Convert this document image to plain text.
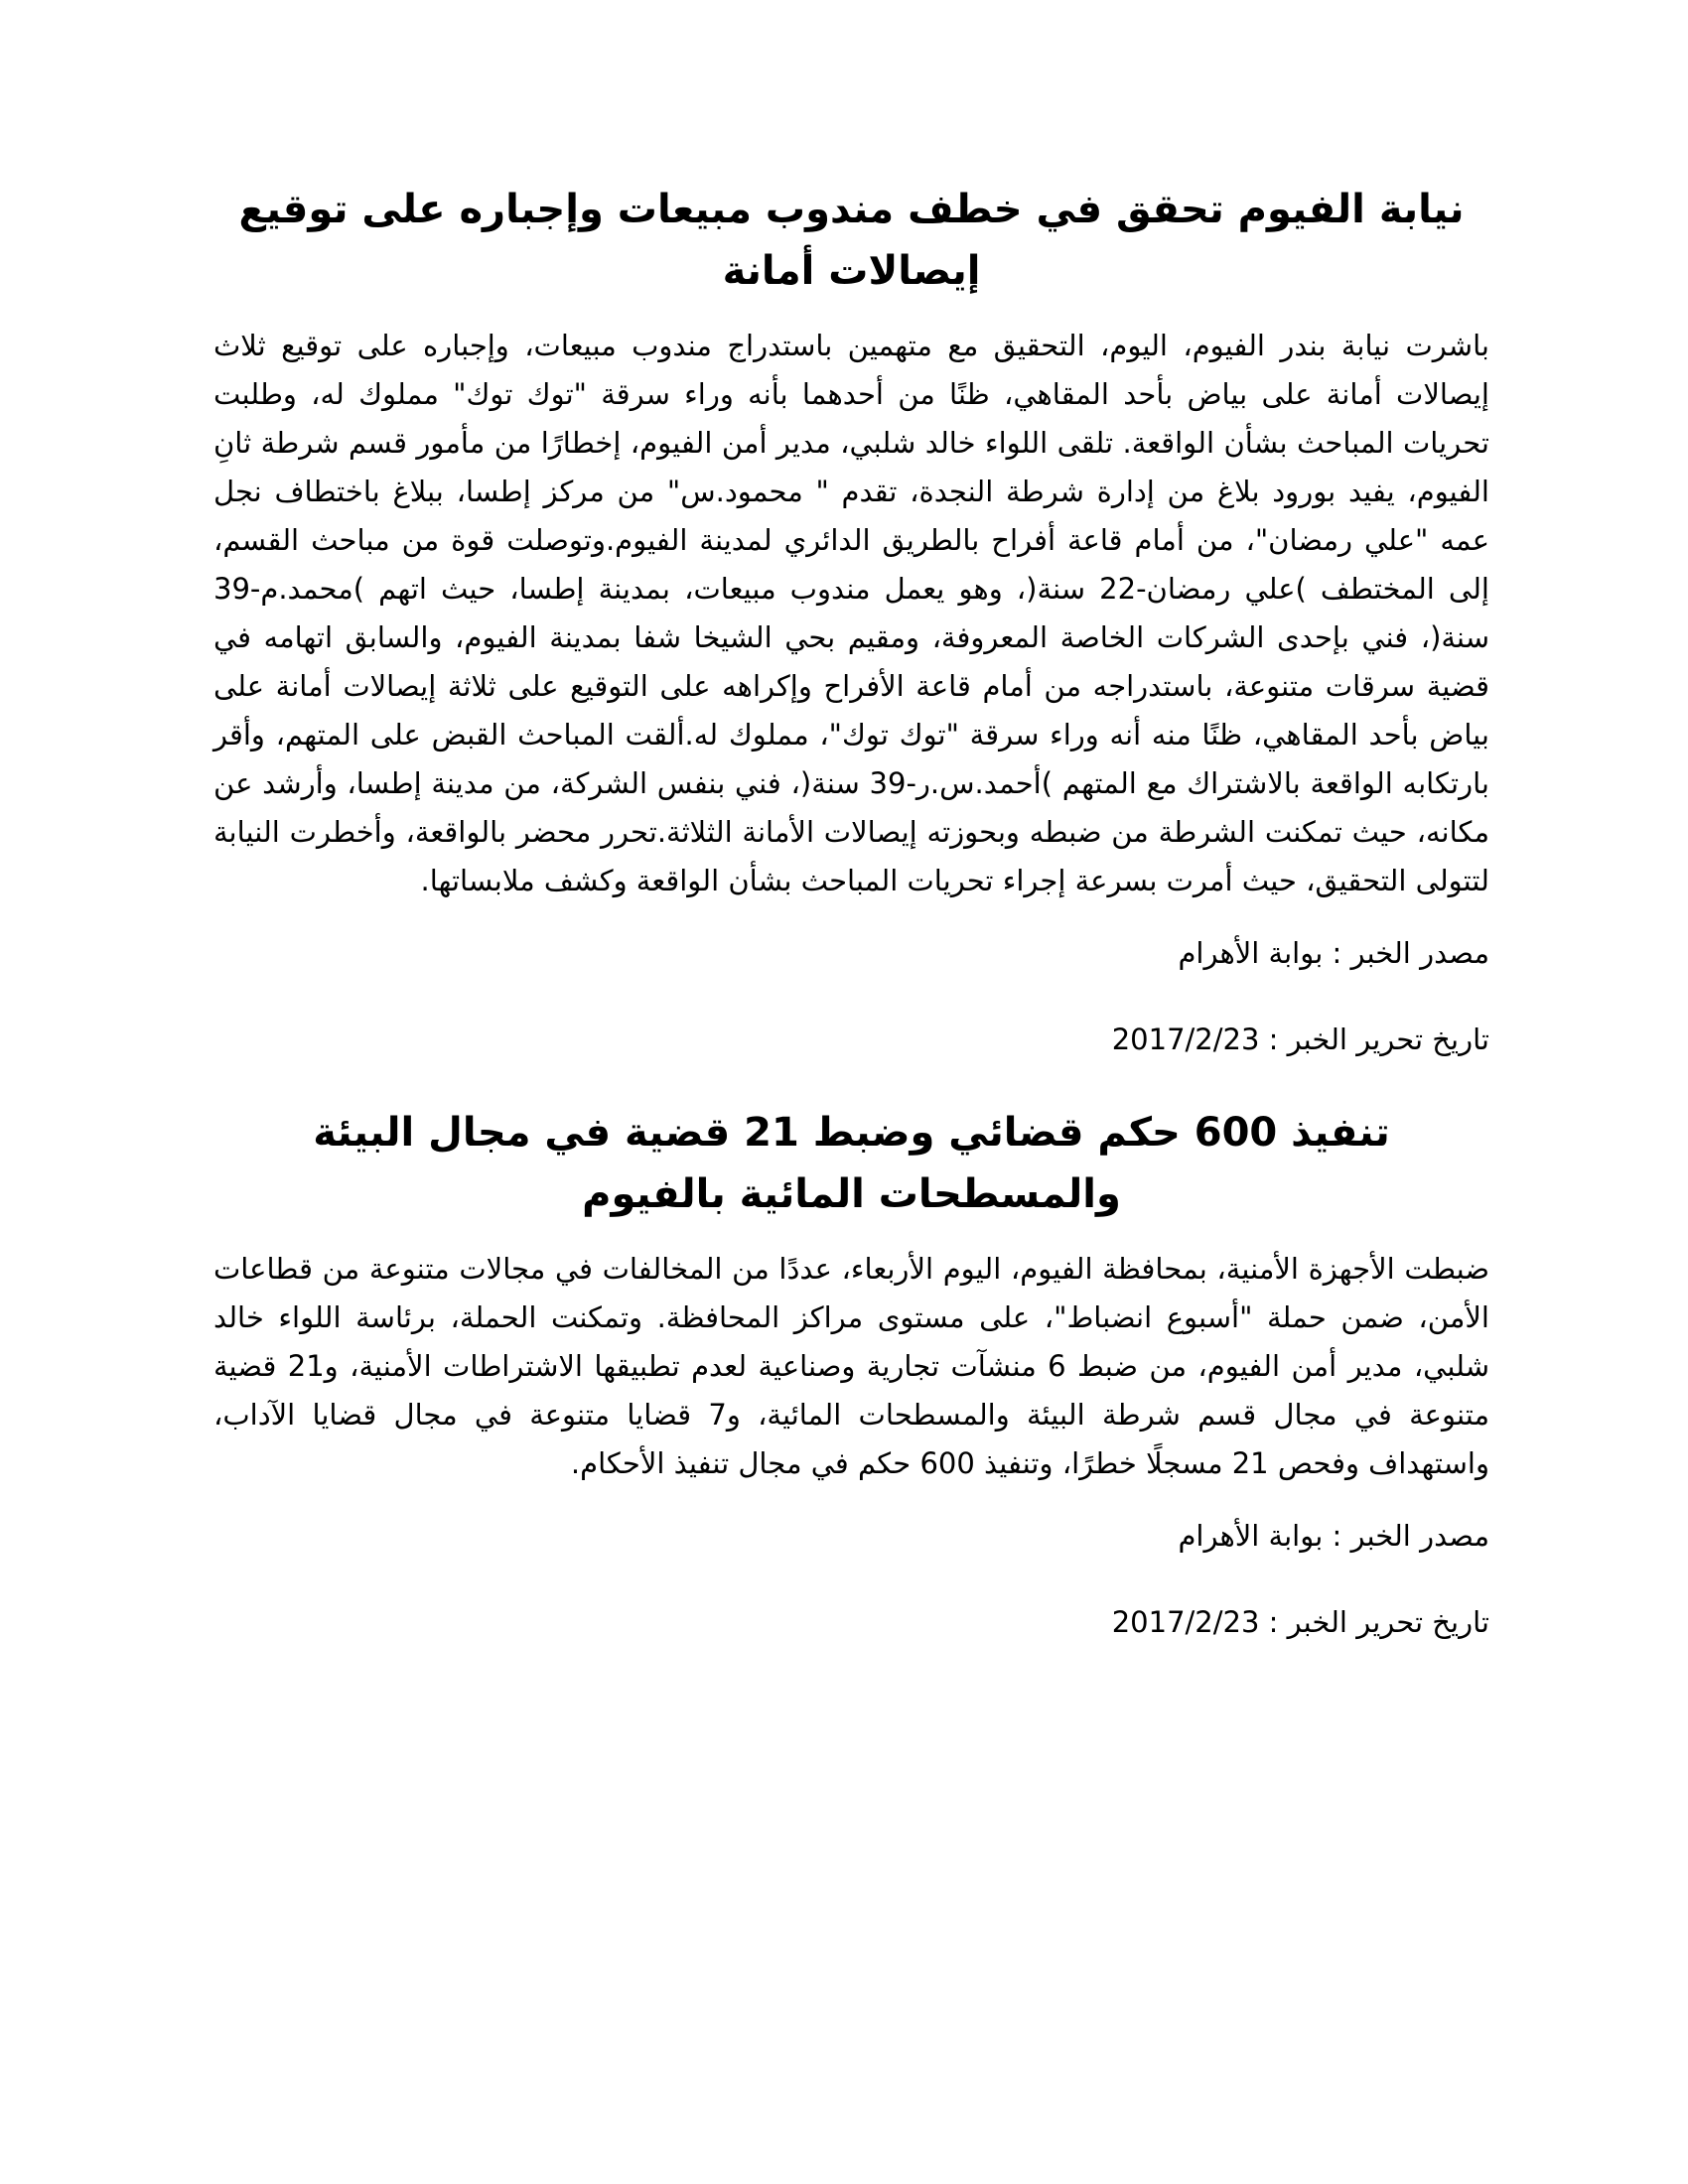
نيابة الفيوم تحقق في خطف مندوب مبيعات وإجباره على توقيع إيصالات أمانة

باشرت نيابة بندر الفيوم، اليوم، التحقيق مع متهمين باستدراج مندوب مبيعات، وإجباره على توقيع ثلاث إيصالات أمانة على بياض بأحد المقاهي، ظنًا من أحدهما بأنه وراء سرقة "توك توك" مملوك له، وطلبت تحريات المباحث بشأن الواقعة. تلقى اللواء خالد شلبي، مدير أمن الفيوم، إخطارًا من مأمور قسم شرطة ثانِ الفيوم، يفيد بورود بلاغ من إدارة شرطة النجدة، تقدم " محمود.س" من مركز إطسا، ببلاغ باختطاف نجل عمه "علي رمضان"، من أمام قاعة أفراح بالطريق الدائري لمدينة الفيوم.وتوصلت قوة من مباحث القسم، إلى المختطف )علي رمضان-22 سنة(، وهو يعمل مندوب مبيعات، بمدينة إطسا، حيث اتهم )محمد.م-39 سنة(، فني بإحدى الشركات الخاصة المعروفة، ومقيم بحي الشيخا شفا بمدينة الفيوم، والسابق اتهامه في قضية سرقات متنوعة، باستدراجه من أمام قاعة الأفراح وإكراهه على التوقيع على ثلاثة إيصالات أمانة على بياض بأحد المقاهي، ظنًا منه أنه وراء سرقة "توك توك"، مملوك له.ألقت المباحث القبض على المتهم، وأقر بارتكابه الواقعة بالاشتراك مع المتهم )أحمد.س.ر-39 سنة(، فني بنفس الشركة، من مدينة إطسا، وأرشد عن مكانه، حيث تمكنت الشرطة من ضبطه وبحوزته إيصالات الأمانة الثلاثة.تحرر محضر بالواقعة، وأخطرت النيابة لتتولى التحقيق، حيث أمرت بسرعة إجراء تحريات المباحث بشأن الواقعة وكشف ملابساتها.

مصدر الخبر : بوابة الأهرام

تاريخ تحرير الخبر : 2017/2/23

تنفيذ 600 حكم قضائي وضبط 21 قضية في مجال البيئة والمسطحات المائية بالفيوم

ضبطت الأجهزة الأمنية، بمحافظة الفيوم، اليوم الأربعاء، عددًا من المخالفات في مجالات متنوعة من قطاعات الأمن، ضمن حملة "أسبوع انضباط"، على مستوى مراكز المحافظة. وتمكنت الحملة، برئاسة اللواء خالد شلبي، مدير أمن الفيوم، من ضبط 6 منشآت تجارية وصناعية لعدم تطبيقها الاشتراطات الأمنية، و21 قضية متنوعة في مجال قسم شرطة البيئة والمسطحات المائية، و7 قضايا متنوعة في مجال قضايا الآداب، واستهداف وفحص 21 مسجلًا خطرًا، وتنفيذ 600 حكم في مجال تنفيذ الأحكام.

مصدر الخبر : بوابة الأهرام

تاريخ تحرير الخبر : 2017/2/23
